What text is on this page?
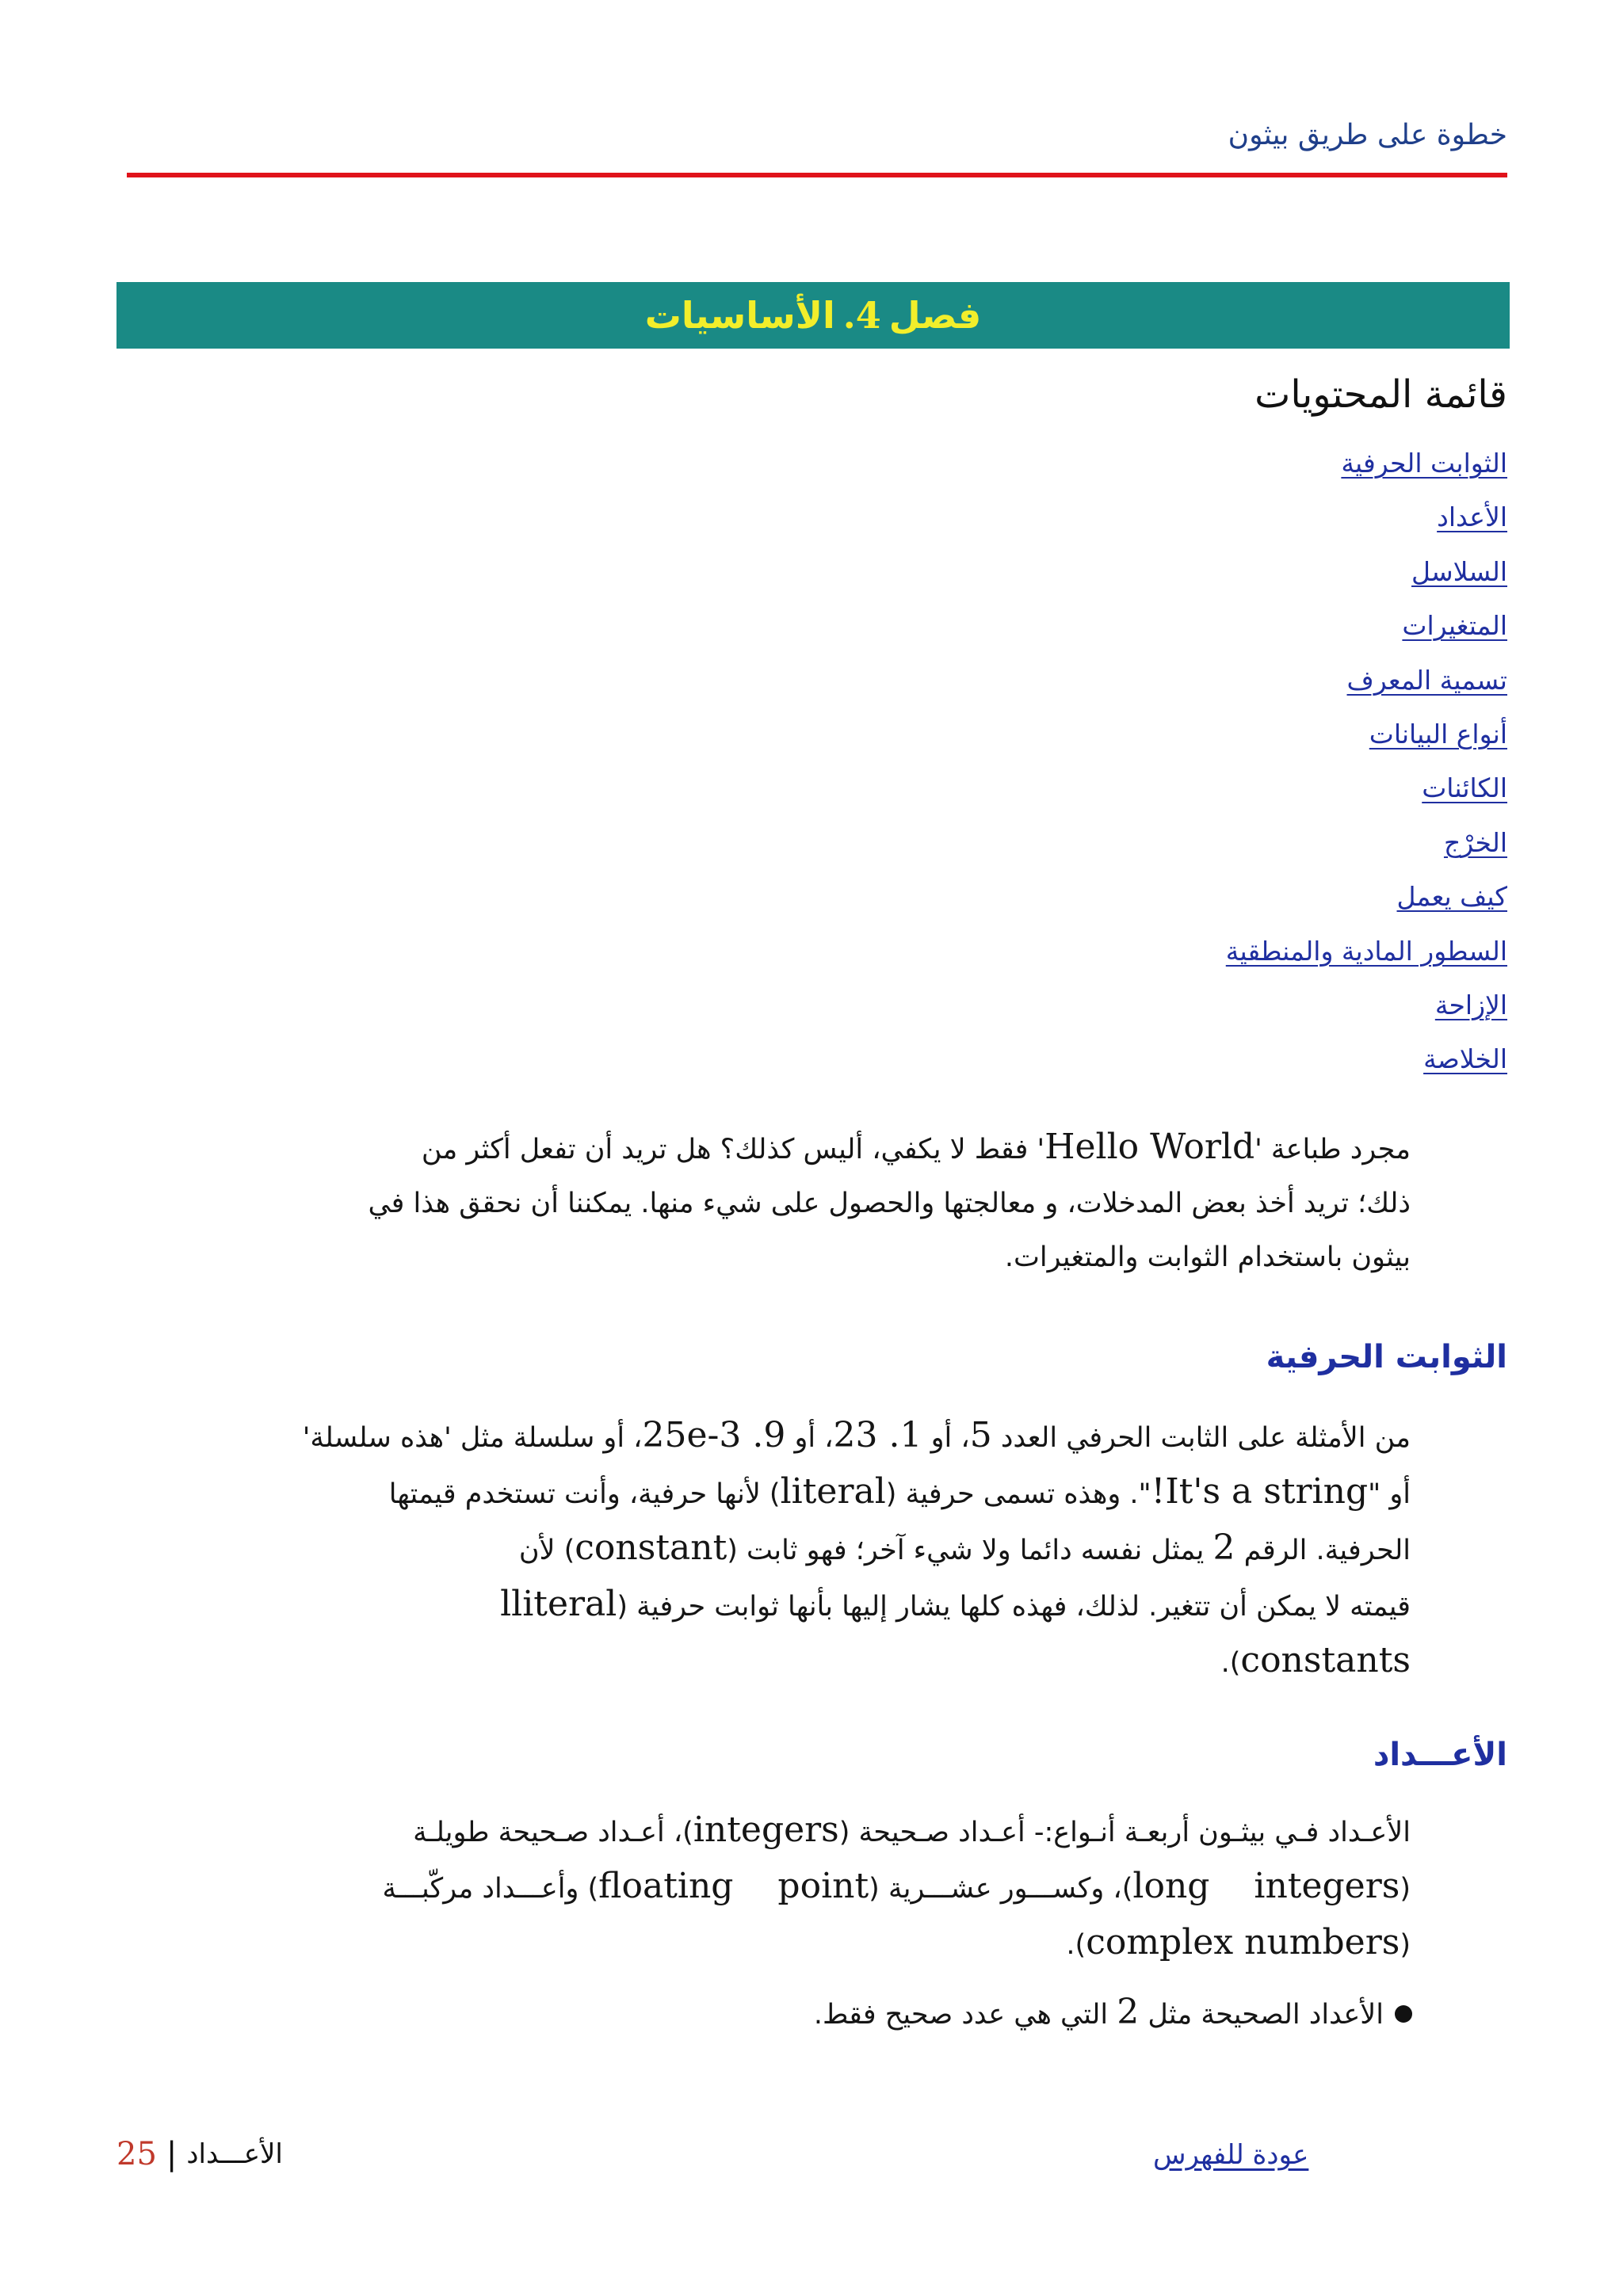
خطوة على طريق بيثون
فصل
4.
الأساسيات
قائمة المحتويات
الثوابت الحرفية
الأعداد
السلاسل
المتغيرات
تسمية المعرف
أنواع البيانات
الكائنات
الخرْج
كيف يعمل
السطور المادية والمنطقية
الإزاحة
الخلاصة
مجرد طباعة 'Hello World' فقط لا يكفي، أليس كذلك؟ هل تريد أن تفعل أكثر من
ذلك؛ تريد أخذ بعض المدخلات، و معالجتها والحصول على شيء منها. يمكننا أن نحقق هذا في
بيثون باستخدام الثوابت والمتغيرات.
الثوابت الحرفية
من الأمثلة على الثابت الحرفي العدد 5، أو 1. 23، أو 9. 3-25e، أو سلسلة مثل 'هذه سلسلة'
أو "It's a string!". وهذه تسمى حرفية (literal) لأنها حرفية، وأنت تستخدم قيمتها
الحرفية. الرقم 2 يمثل نفسه دائما ولا شيء آخر؛ فهو ثابت (constant) لأن
قيمته لا يمكن أن تتغير. لذلك، فهذه كلها يشار إليها بأنها ثوابت حرفية (lliteral
constants).
الأعـــداد
الأعـداد فـي بيثـون أربعـة أنـواع:- أعـداد صـحيحة (integers)، أعـداد صـحيحة طويلـة
(long    integers)، وكســـور عشـــرية (floating    point) وأعـــداد مركّبـــة
(complex numbers).
الأعداد الصحيحة مثل 2 التي هي عدد صحيح فقط.
25 | الأعـــداد	عودة للفهرس
